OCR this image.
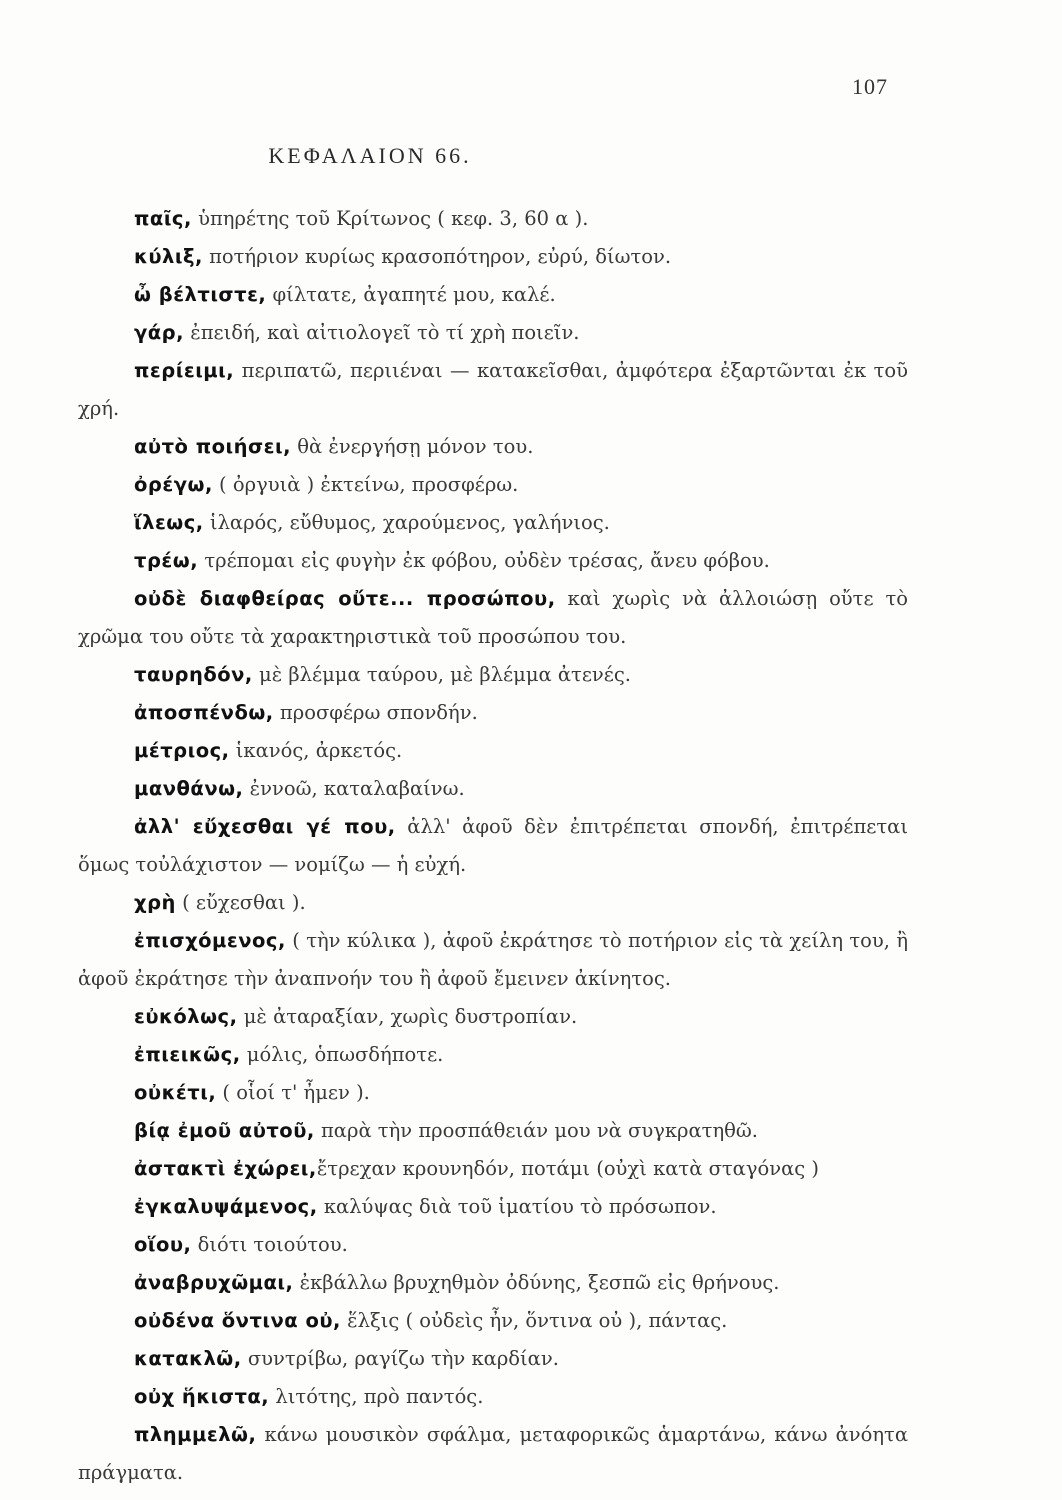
107
ΚΕΦΑΛΑΙΟΝ 66.

παῖς, ὑπηρέτης τοῦ Κρίτωνος ( κεφ. 3, 60 α ).

κύλιξ, ποτήριον κυρίως κρασοπότηρον, εὐρύ, δίωτον.

ὦ βέλτιστε, φίλτατε, ἀγαπητέ μου, καλέ.

γάρ, ἐπειδή, καὶ αἰτιολογεῖ τὸ τί χρὴ ποιεῖν.

περίειμι, περιπατῶ, περιιέναι — κατακεῖσθαι, ἀμφότερα ἐξαρτῶνται ἐκ τοῦ χρή.

αὐτὸ ποιήσει, θὰ ἐνεργήσῃ μόνον του.

ὀρέγω, ( ὀργυιὰ ) ἐκτείνω, προσφέρω.

ἵλεως, ἱλαρός, εὔθυμος, χαρούμενος, γαλήνιος.

τρέω, τρέπομαι εἰς φυγὴν ἐκ φόβου, οὐδὲν τρέσας, ἄνευ φόβου.

οὐδὲ διαφθείρας οὔτε... προσώπου, καὶ χωρὶς νὰ ἀλλοιώσῃ οὔτε τὸ χρῶμα του οὔτε τὰ χαρακτηριστικὰ τοῦ προσώπου του.

ταυρηδόν, μὲ βλέμμα ταύρου, μὲ βλέμμα ἀτενές.

ἀποσπένδω, προσφέρω σπονδήν.

μέτριος, ἱκανός, ἀρκετός.

μανθάνω, ἐννοῶ, καταλαβαίνω.

ἀλλ' εὔχεσθαι γέ που, ἀλλ' ἀφοῦ δὲν ἐπιτρέπεται σπονδή, ἐπιτρέπεται ὅμως τοὐλάχιστον — νομίζω — ἡ εὐχή.

χρὴ ( εὔχεσθαι ).

ἐπισχόμενος, ( τὴν κύλικα ), ἀφοῦ ἐκράτησε τὸ ποτήριον εἰς τὰ χείλη του, ἢ ἀφοῦ ἐκράτησε τὴν ἀναπνοήν του ἢ ἀφοῦ ἔμεινεν ἀκίνητος.

εὐκόλως, μὲ ἀταραξίαν, χωρὶς δυστροπίαν.

ἐπιεικῶς, μόλις, ὁπωσδήποτε.

οὐκέτι, ( οἷοί τ' ἦμεν ).

βίᾳ ἐμοῦ αὐτοῦ, παρὰ τὴν προσπάθειάν μου νὰ συγκρατηθῶ.

ἀστακτὶ ἐχώρει,ἔτρεχαν κρουνηδόν, ποτάμι (οὐχὶ κατὰ σταγόνας )

ἐγκαλυψάμενος, καλύψας διὰ τοῦ ἱματίου τὸ πρόσωπον.

οἵου, διότι τοιούτου.

ἀναβρυχῶμαι, ἐκβάλλω βρυχηθμὸν ὀδύνης, ξεσπῶ εἰς θρήνους.

οὐδένα ὅντινα οὐ, ἕλξις ( οὐδεὶς ἦν, ὅντινα οὐ ), πάντας.

κατακλῶ, συντρίβω, ραγίζω τὴν καρδίαν.

οὐχ ἥκιστα, λιτότης, πρὸ παντός.

πλημμελῶ, κάνω μουσικὸν σφάλμα, μεταφορικῶς ἁμαρτάνω, κάνω ἀνόητα πράγματα.
